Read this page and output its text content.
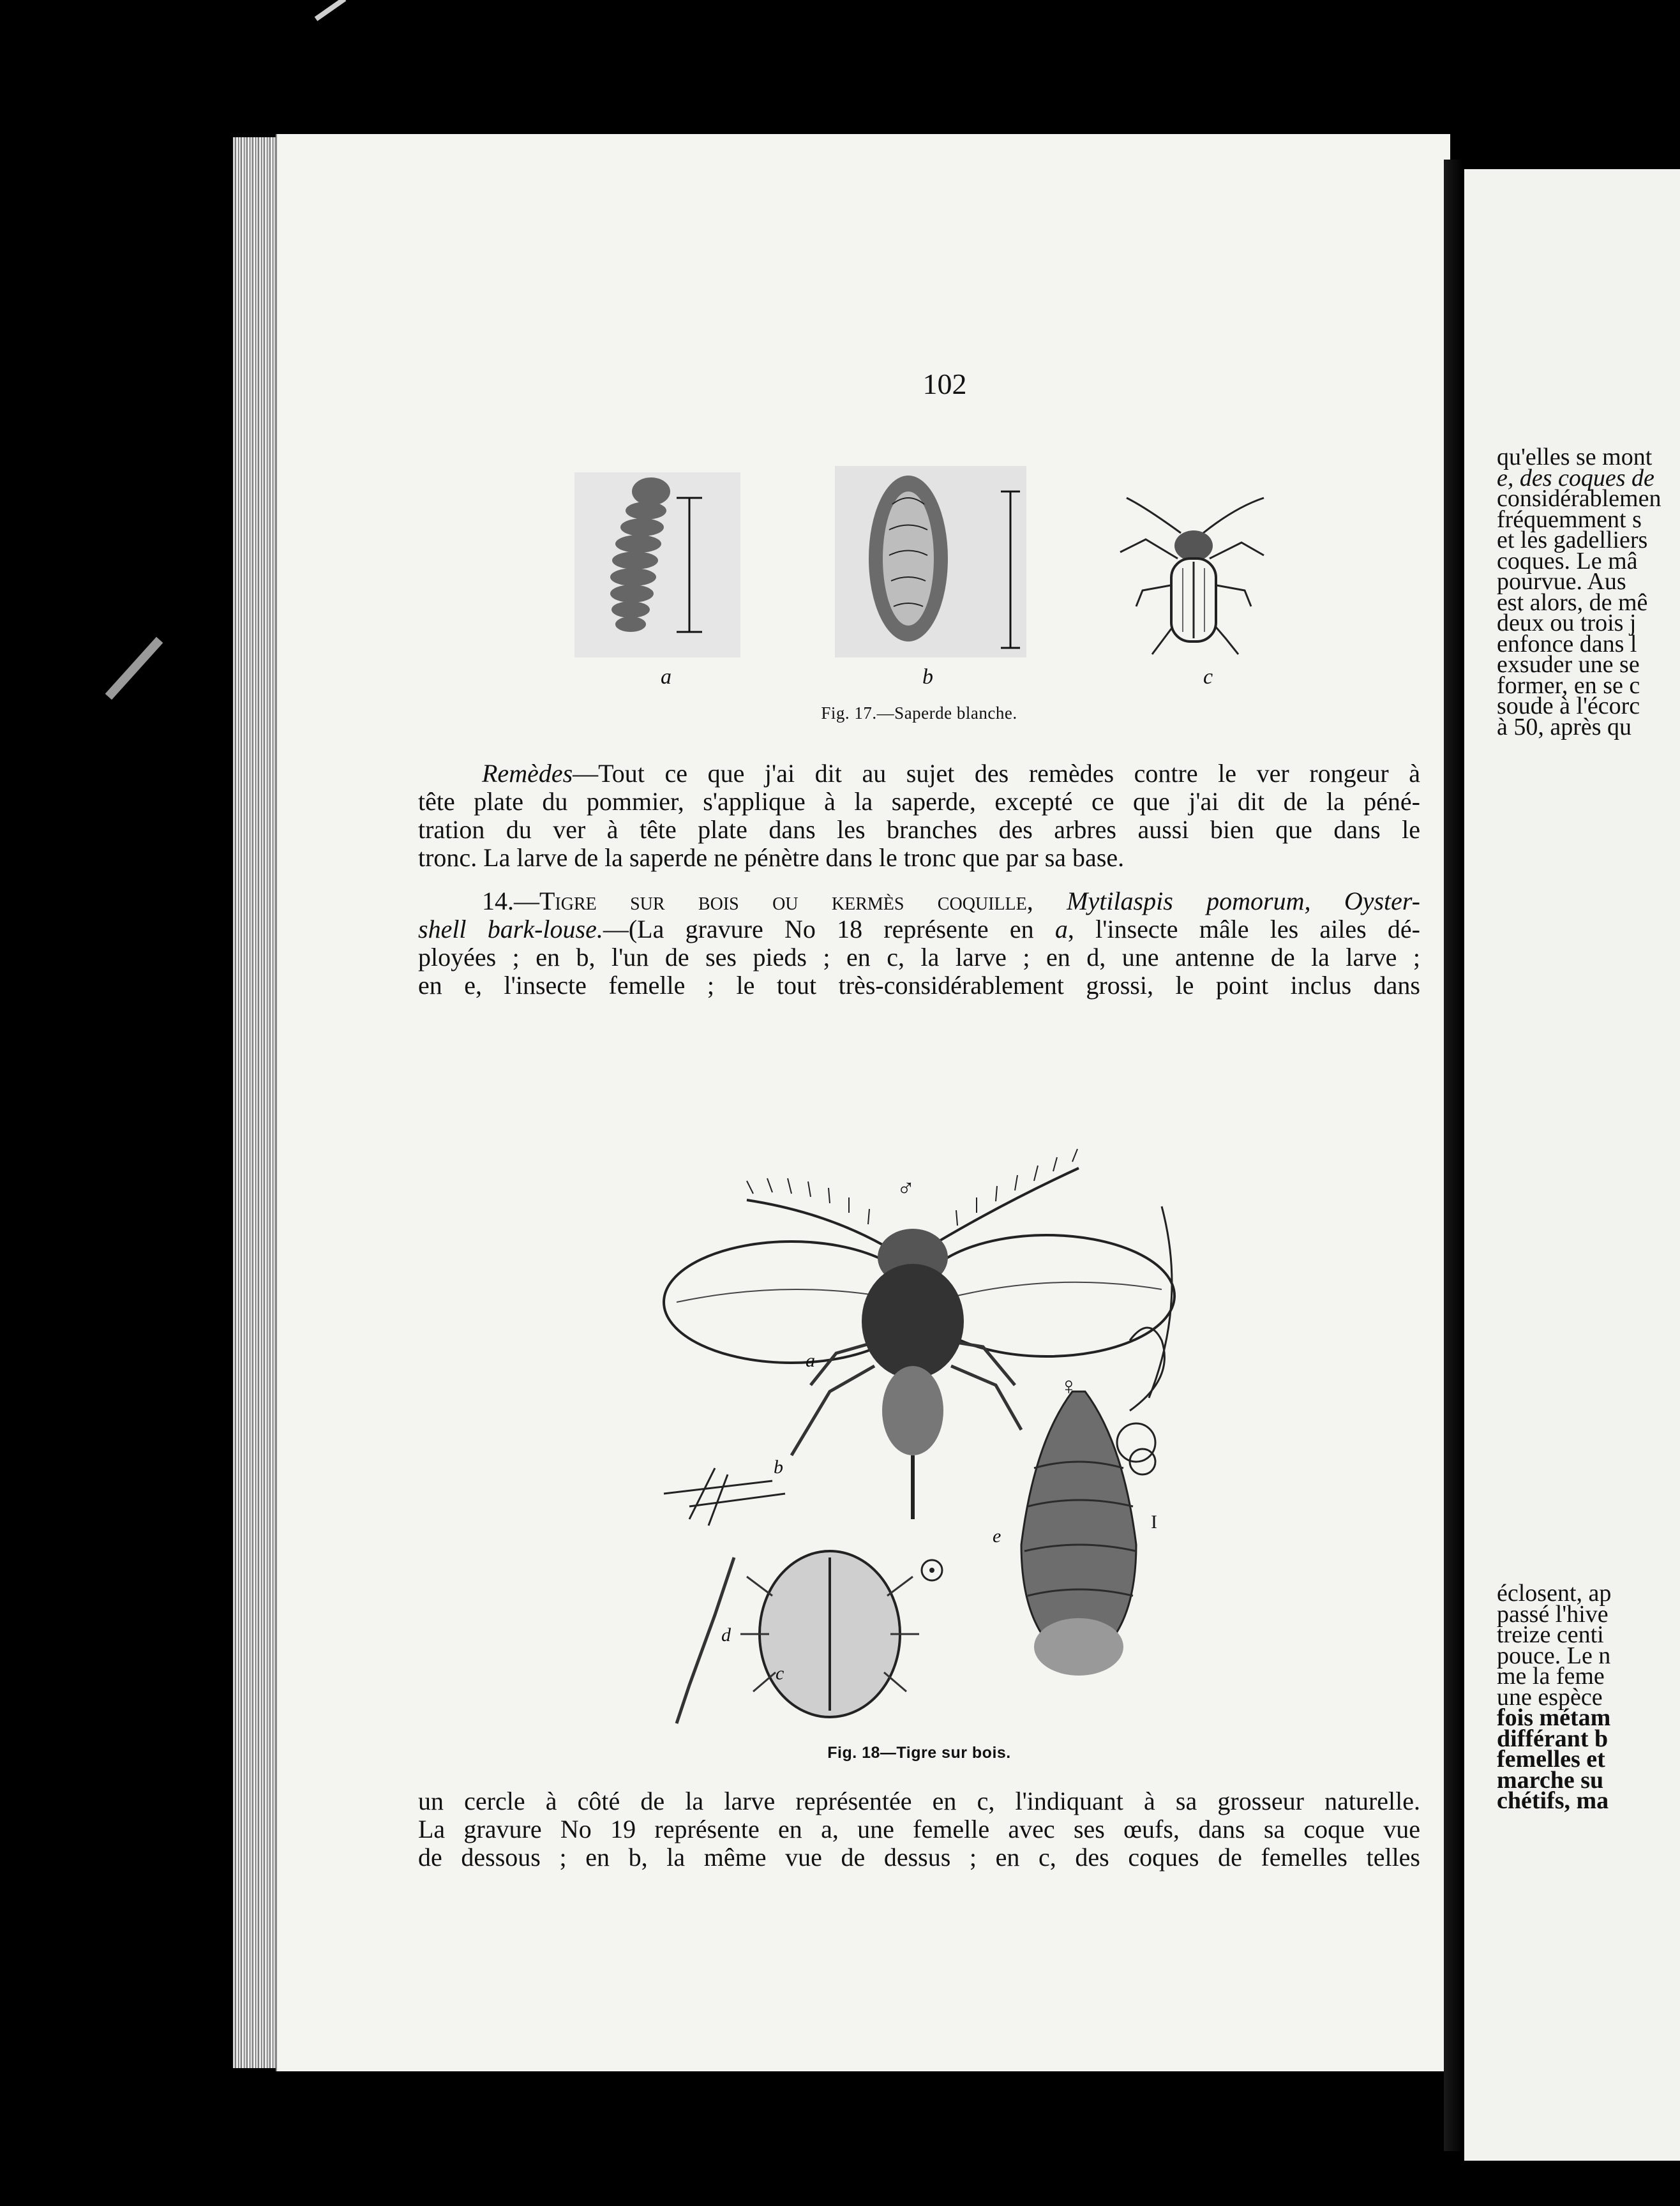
102
a	b	c
Fig. 17.—Saperde blanche.
Remèdes—Tout ce que j'ai dit au sujet des remèdes contre le ver rongeur à
tête plate du pommier, s'applique à la saperde, excepté ce que j'ai dit de la péné-
tration du ver à tête plate dans les branches des arbres aussi bien que dans le
tronc. La larve de la saperde ne pénètre dans le tronc que par sa base.
14.—Tigre sur bois ou kermès coquille, Mytilaspis pomorum, Oyster-
shell bark-louse.—(La gravure No 18 représente en a, l'insecte mâle les ailes dé-
ployées ; en b, l'un de ses pieds ; en c, la larve ; en d, une antenne de la larve ;
en e, l'insecte femelle ; le tout très-considérablement grossi, le point inclus dans
♂
a
♀
b
e
I
d
c
Fig. 18—Tigre sur bois.
un cercle à côté de la larve représentée en c, l'indiquant à sa grosseur naturelle.
La gravure No 19 représente en a, une femelle avec ses œufs, dans sa coque vue
de dessous ; en b, la même vue de dessus ; en c, des coques de femelles telles
qu'elles se mont
e, des coques de
considérablemen
fréquemment s
et les gadelliers
coques. Le mâ
pourvue. Aus
est alors, de mê
deux ou trois j
enfonce dans l
exsuder une se
former, en se c
soude à l'écorc
à 50, après qu
éclosent, ap
passé l'hive
treize centi
pouce. Le n
me la feme
une espèce
fois métam
différant b
femelles et
marche su
chétifs, ma
